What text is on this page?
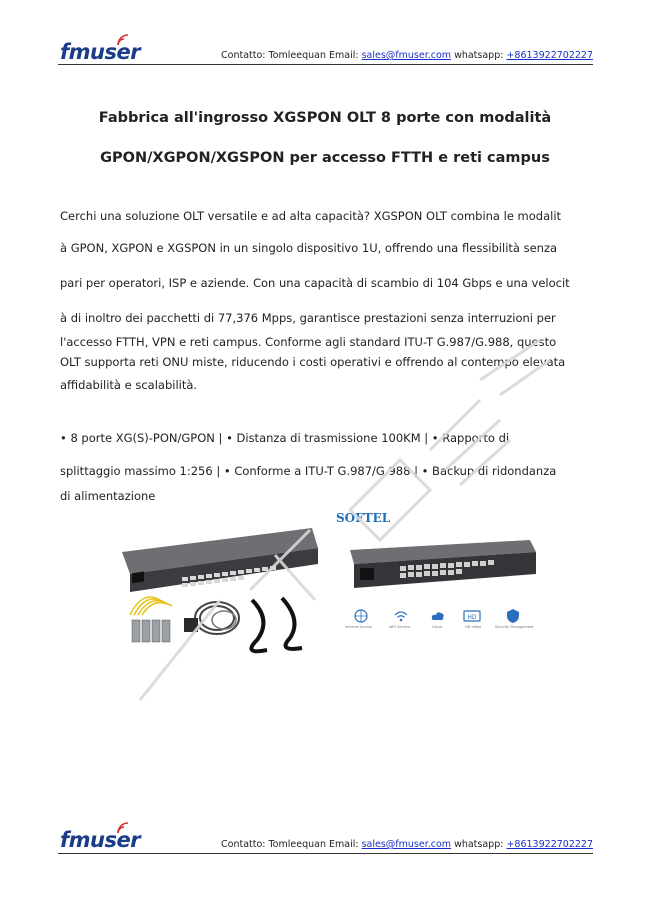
fmuser	Contatto: Tomleequan Email: sales@fmuser.com whatsapp: +8613922702227
Fabbrica all'ingrosso XGSPON OLT 8 porte con modalità
GPON/XGPON/XGSPON per accesso FTTH e reti campus
Cerchi una soluzione OLT versatile e ad alta capacità? XGSPON OLT combina le modalit
à GPON, XGPON e XGSPON in un singolo dispositivo 1U, offrendo una flessibilità senza
pari per operatori, ISP e aziende. Con una capacità di scambio di 104 Gbps e una velocit
à di inoltro dei pacchetti di 77,376 Mpps, garantisce prestazioni senza interruzioni per
l'accesso FTTH, VPN e reti campus. Conforme agli standard ITU-T G.987/G.988, questo
OLT supporta reti ONU miste, riducendo i costi operativi e offrendo al contempo elevata
affidabilità e scalabilità.
• 8 porte XG(S)-PON/GPON | • Distanza di trasmissione 100KM | • Rapporto di
splittaggio massimo 1:256 | • Conforme a ITU-T G.987/G.988 | • Backup di ridondanza
di alimentazione
SOFTEL
HD
Internet Access	WiFi Service	Cloud	HD Video	Security Management
fmuser	Contatto: Tomleequan Email: sales@fmuser.com whatsapp: +8613922702227
